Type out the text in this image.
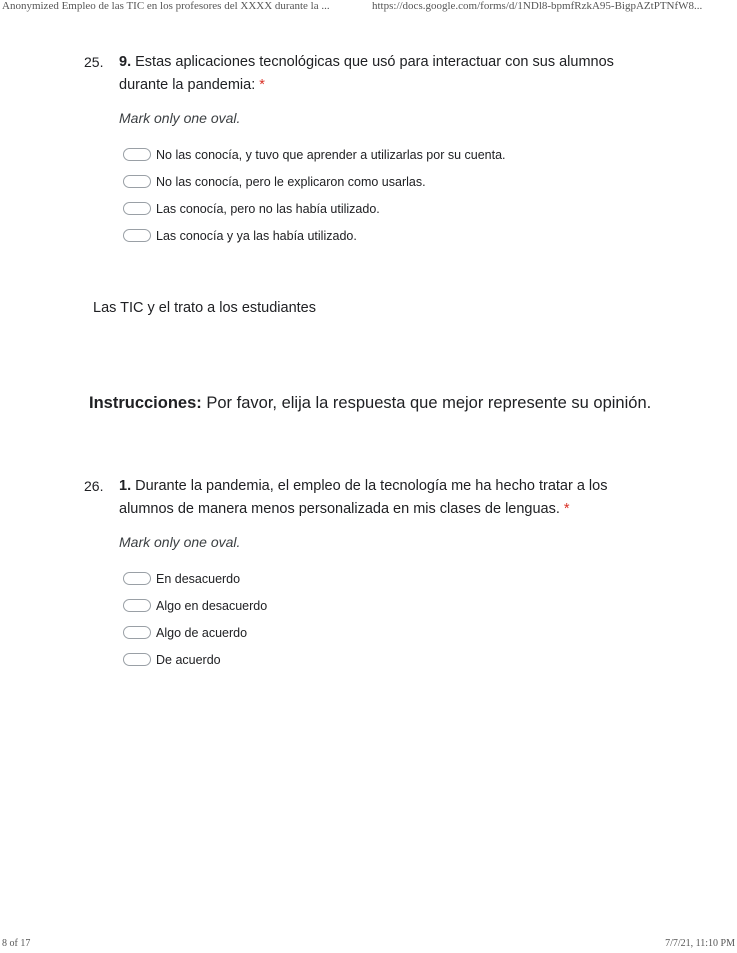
Anonymized Empleo de las TIC en los profesores del XXXX durante la ...	https://docs.google.com/forms/d/1NDl8-bpmfRzkA95-BigpAZtPTNfW8...
25. 9. Estas aplicaciones tecnológicas que usó para interactuar con sus alumnos durante la pandemia: *
Mark only one oval.
No las conocía, y tuvo que aprender a utilizarlas por su cuenta.
No las conocía, pero le explicaron como usarlas.
Las conocía, pero no las había utilizado.
Las conocía y ya las había utilizado.
Las TIC y el trato a los estudiantes
Instrucciones: Por favor, elija la respuesta que mejor represente su opinión.
26. 1. Durante la pandemia, el empleo de la tecnología me ha hecho tratar a los alumnos de manera menos personalizada en mis clases de lenguas. *
Mark only one oval.
En desacuerdo
Algo en desacuerdo
Algo de acuerdo
De acuerdo
8 of 17	7/7/21, 11:10 PM
